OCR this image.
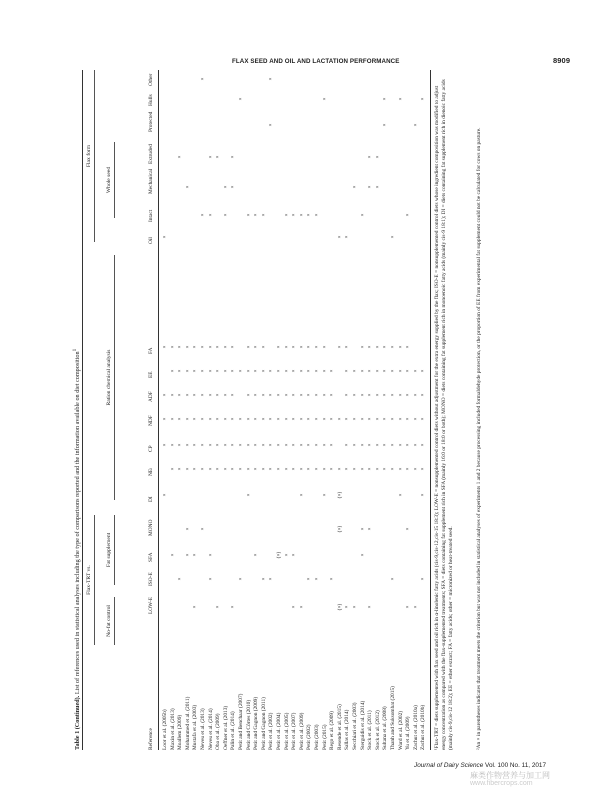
FLAX SEED AND OIL AND LACTATION PERFORMANCE	8909
Table 1 (Continued). List of references used in statistical analyses including the type of comparisons reported and the information available on diet composition$^1$
Flax-TRT vs.
Flax form
No-fat control
Fat supplement
Ration chemical analysis
Whole seed
Reference
LOW-E
ISO-E
SFA
MONO
DI
NEₗ
CP
NDF
ADF
EE
FA
Oil
Intact
Mechanical
Extruded
Protected
Hulls
Other
Loor et al. (2005b)
×
×
×
×
×
×
Maxin et al. (2013)
×
×
×
×
×
×
×
Moallem (2009)
×
×
×
×
×
×
×
×
Mohammed et al. (2011)
×
×
×
×
×
×
×
×
×
Mustafa et al. (2003)
×
×
×
×
×
×
×
×
Neveu et al. (2013)
×
×
×
×
×
×
×
×
×
Neveu et al. (2014)
×
×
×
×
×
×
×
×
×
×
Oba et al. (2009)
×
×
×
×
×
×
×
×
Oeffner et al. (2013)
×
×
×
×
×
×
×
×
Palin et al. (2014)
×
×
×
×
×
×
×
×
×
Petit and Benchaar (2007)
×
×
×
×
×
×
Petit and Côrtes (2010)
×
×
×
×
×
×
×
×
Petit and Gagnon (2009)
×
×
×
×
×
×
×
×
Petit and Gagnon (2011)
×
×
×
×
×
×
×
×
Petit et al. (2002)
×
×
×
×
×
×
×
×
Petit et al. (2004)
(×)
×
×
×
×
×
×
Petit et al. (2005)
×
×
×
×
×
×
×
×
Petit et al. (2007)
×
×
×
×
×
×
×
×
×
Petit et al. (2009)
×
×
×
×
×
×
×
×
×
Petit (2002)
×
×
×
×
×
×
×
×
Petit (2003)
×
×
×
×
×
×
×
×
Petit (2015)
×
×
×
×
×
×
×
×
Rego et al. (2009)
×
×
×
×
×
×
Resende et al. (2015)
(×)
(×)
(×)
×
×
×
×
Sallas et al. (2014)
×
×
×
×
×
×
×
×
Secchiari et al. (2003)
×
×
×
×
×
×
×
Sterguidis et al. (2014)
×
×
×
×
×
×
×
×
×
Stock et al. (2011)
×
×
×
×
×
×
×
×
×
×
Stock et al. (2012)
×
×
×
×
×
×
×
×
Sultana et al. (2008)
×
×
×
×
×
×
×
×
Thanh and Suksombat (2015)
×
×
×
×
×
×
×
×
Ward et al. (2002)
×
×
×
×
×
×
×
×
Yu et al. (2009)
×
×
×
×
×
×
×
×
×
Zachut et al. (2010a)
×
×
×
×
×
×
×
Zachut et al. (2010b)
×
×
×
×
×
×
×
× ¹Flax-TRT = diets supplemented with flax seed and oil rich in α-linolenic fatty acids (cis-9,cis-12,cis-15 18:3); LOW-E = nonsupplemented control diets without adjustment for the extra energy supplied by the flax; ISO-E = nonsupplemented control diets whose ingredient composition was modified to adjust energy concentration as compared with the flax-supplemented treatments; SFA = diets containing fat supplement rich in SFA (mainly 16:0 or 18:0 or both); MONO = diets containing fat supplement rich in monoenoic fatty acids (mainly cis-9 18:1); DI = diets containing fat supplement rich in dienoic fatty acids (mainly cis-9,cis-12 18:2); EE = ether extract; FA = fatty acids; other = micronized or heat-treated seed.	²An × in parentheses indicates that treatment meets the criterion but was not included in statistical analyses of experiments 1 and 2 because processing included formaldehyde protection, or the proportion of EE from experimental fat supplement could not be calculated for cows on pasture.
Journal of Dairy Science Vol. 100 No. 11, 2017
麻类作物营养与加工网
www.fibercrops.com
